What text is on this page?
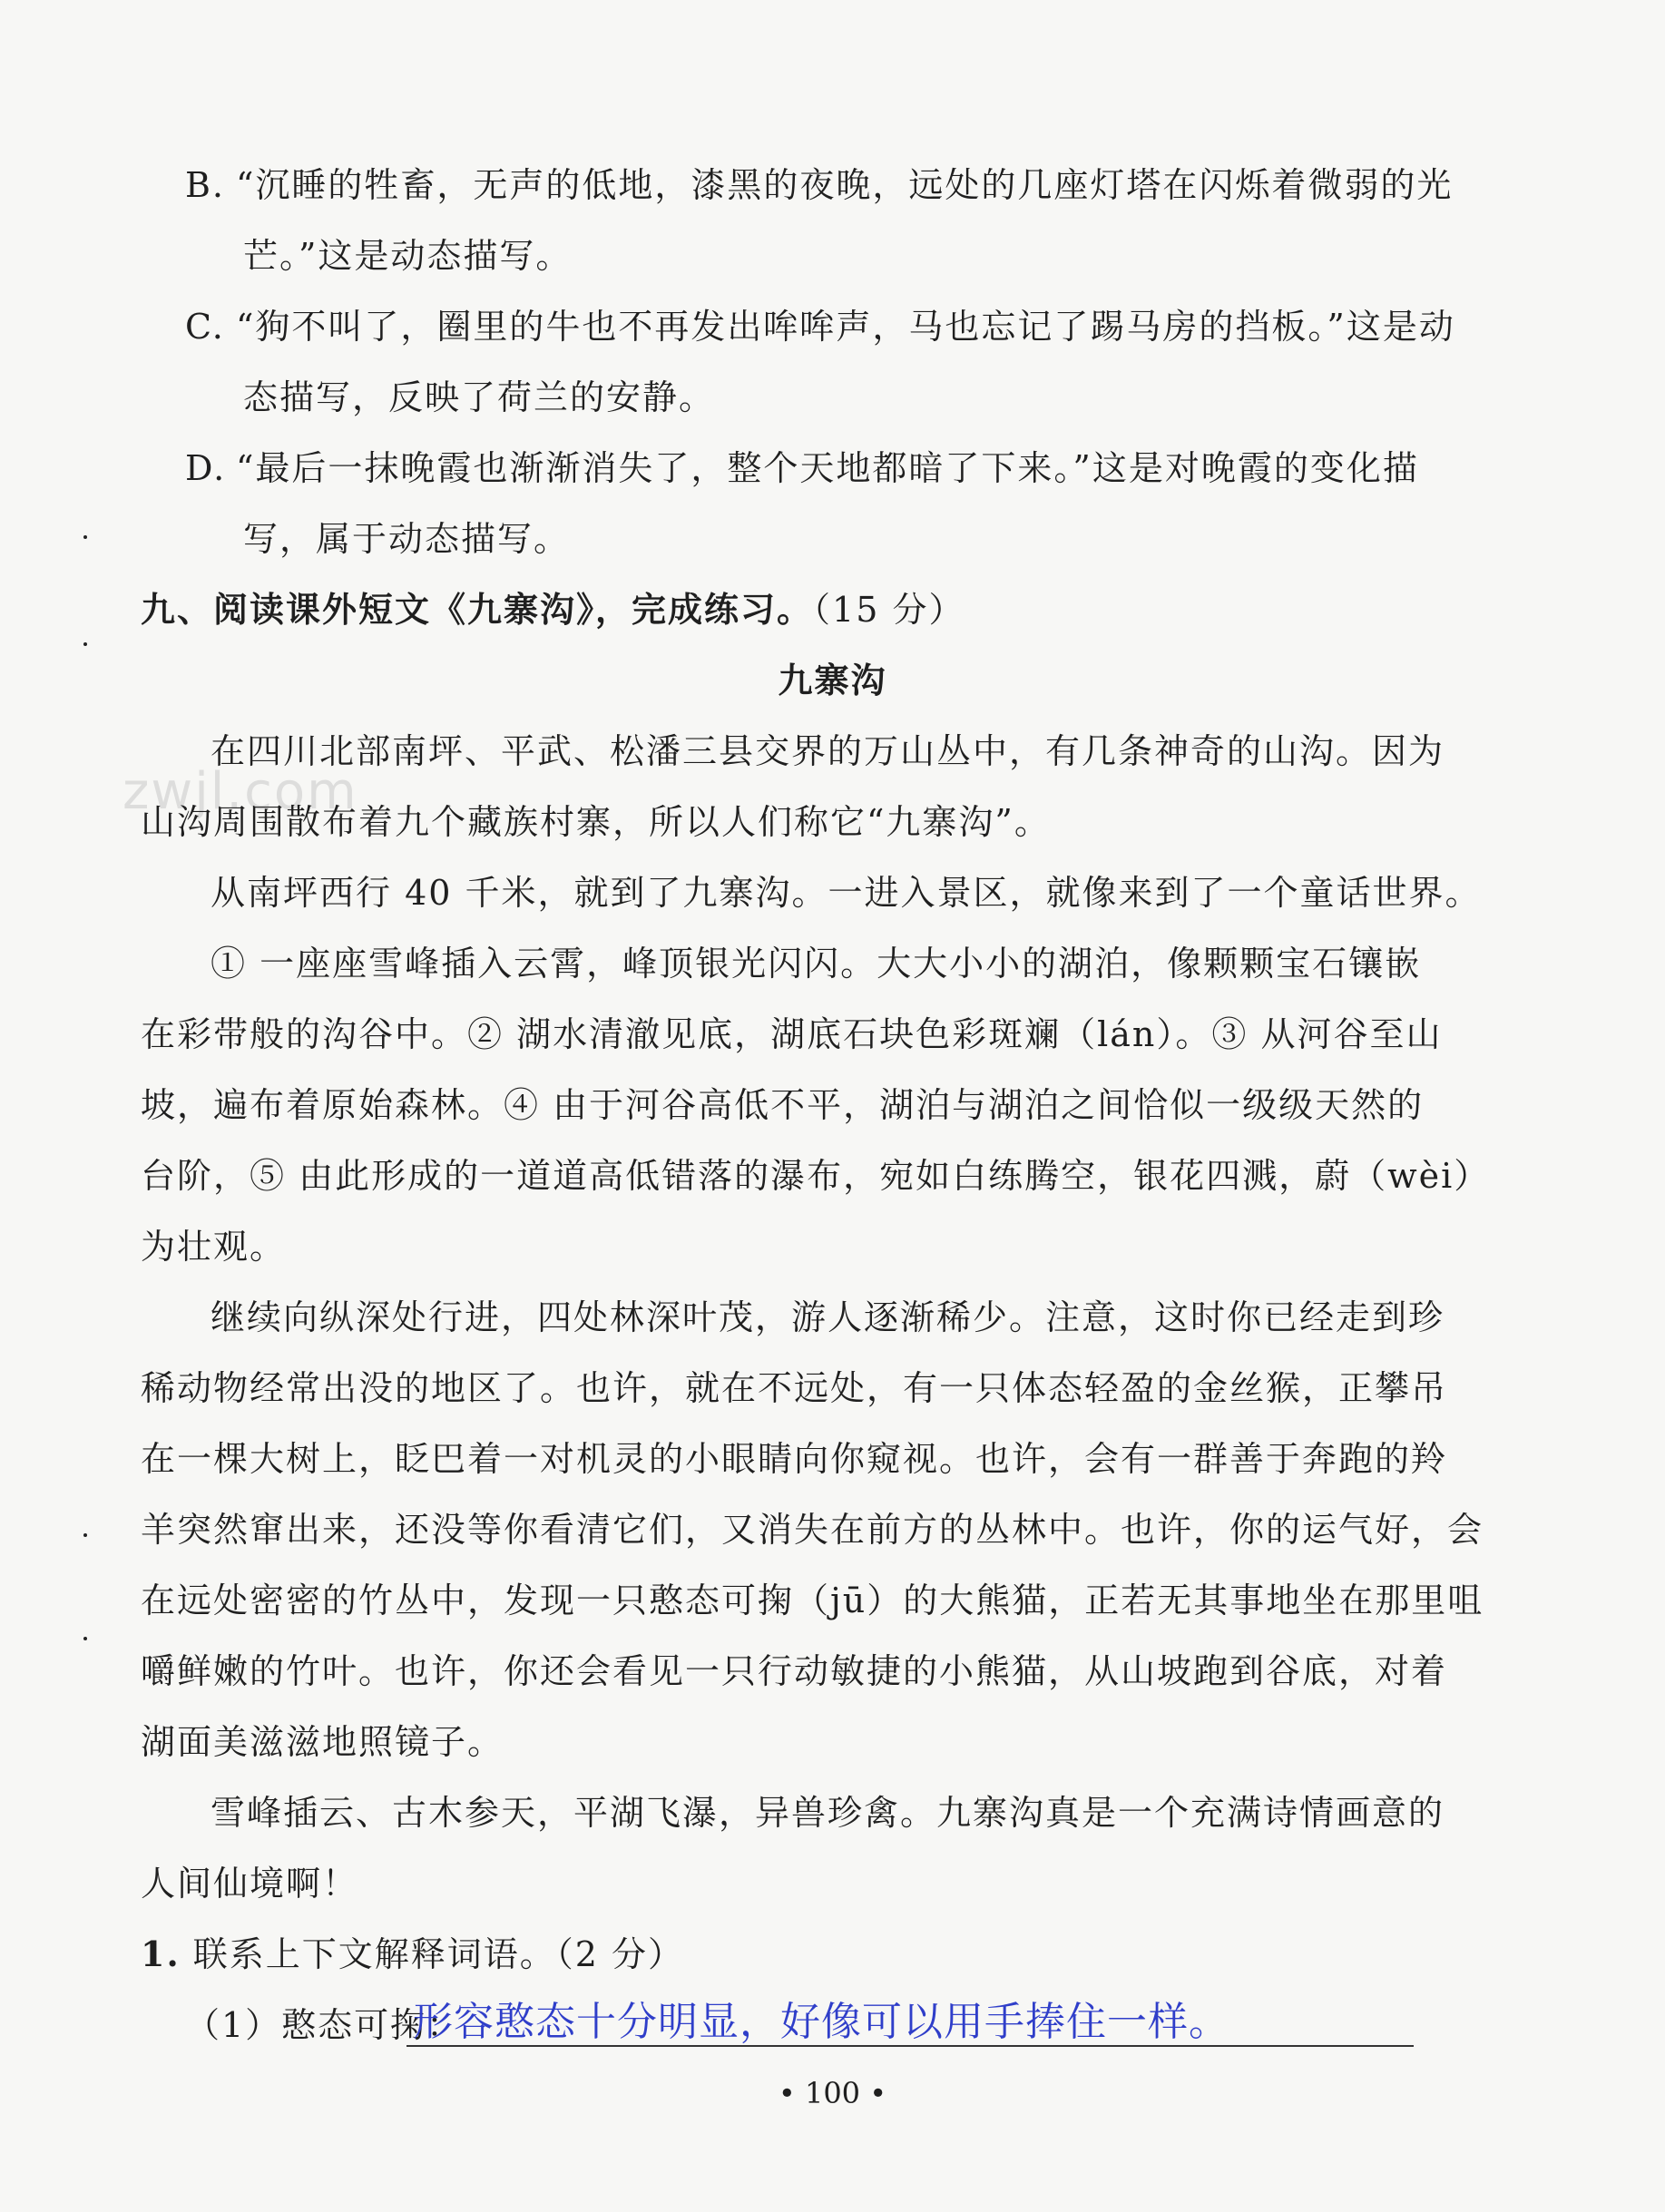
B. “沉睡的牲畜，无声的低地，漆黑的夜晚，远处的几座灯塔在闪烁着微弱的光
芒。”这是动态描写。
C. “狗不叫了，圈里的牛也不再发出哞哞声，马也忘记了踢马房的挡板。”这是动
态描写，反映了荷兰的安静。
D. “最后一抹晚霞也渐渐消失了，整个天地都暗了下来。”这是对晚霞的变化描
写，属于动态描写。
九、阅读课外短文《九寨沟》，完成练习。（15 分）
九寨沟
zwjl.com
在四川北部南坪、平武、松潘三县交界的万山丛中，有几条神奇的山沟。因为
山沟周围散布着九个藏族村寨，所以人们称它“九寨沟”。
从南坪西行 40 千米，就到了九寨沟。一进入景区，就像来到了一个童话世界。
① 一座座雪峰插入云霄，峰顶银光闪闪。大大小小的湖泊，像颗颗宝石镶嵌
在彩带般的沟谷中。② 湖水清澈见底，湖底石块色彩斑斓（lán）。③ 从河谷至山
坡，遍布着原始森林。④ 由于河谷高低不平，湖泊与湖泊之间恰似一级级天然的
台阶，⑤ 由此形成的一道道高低错落的瀑布，宛如白练腾空，银花四溅，蔚（wèi）
为壮观。
继续向纵深处行进，四处林深叶茂，游人逐渐稀少。注意，这时你已经走到珍
稀动物经常出没的地区了。也许，就在不远处，有一只体态轻盈的金丝猴，正攀吊
在一棵大树上，眨巴着一对机灵的小眼睛向你窥视。也许，会有一群善于奔跑的羚
羊突然窜出来，还没等你看清它们，又消失在前方的丛林中。也许，你的运气好，会
在远处密密的竹丛中，发现一只憨态可掬（jū）的大熊猫，正若无其事地坐在那里咀
嚼鲜嫩的竹叶。也许，你还会看见一只行动敏捷的小熊猫，从山坡跑到谷底，对着
湖面美滋滋地照镜子。
雪峰插云、古木参天，平湖飞瀑，异兽珍禽。九寨沟真是一个充满诗情画意的
人间仙境啊！
1. 联系上下文解释词语。（2 分）
（1）憨态可掬：
形容憨态十分明显，好像可以用手捧住一样。
• 100 •
